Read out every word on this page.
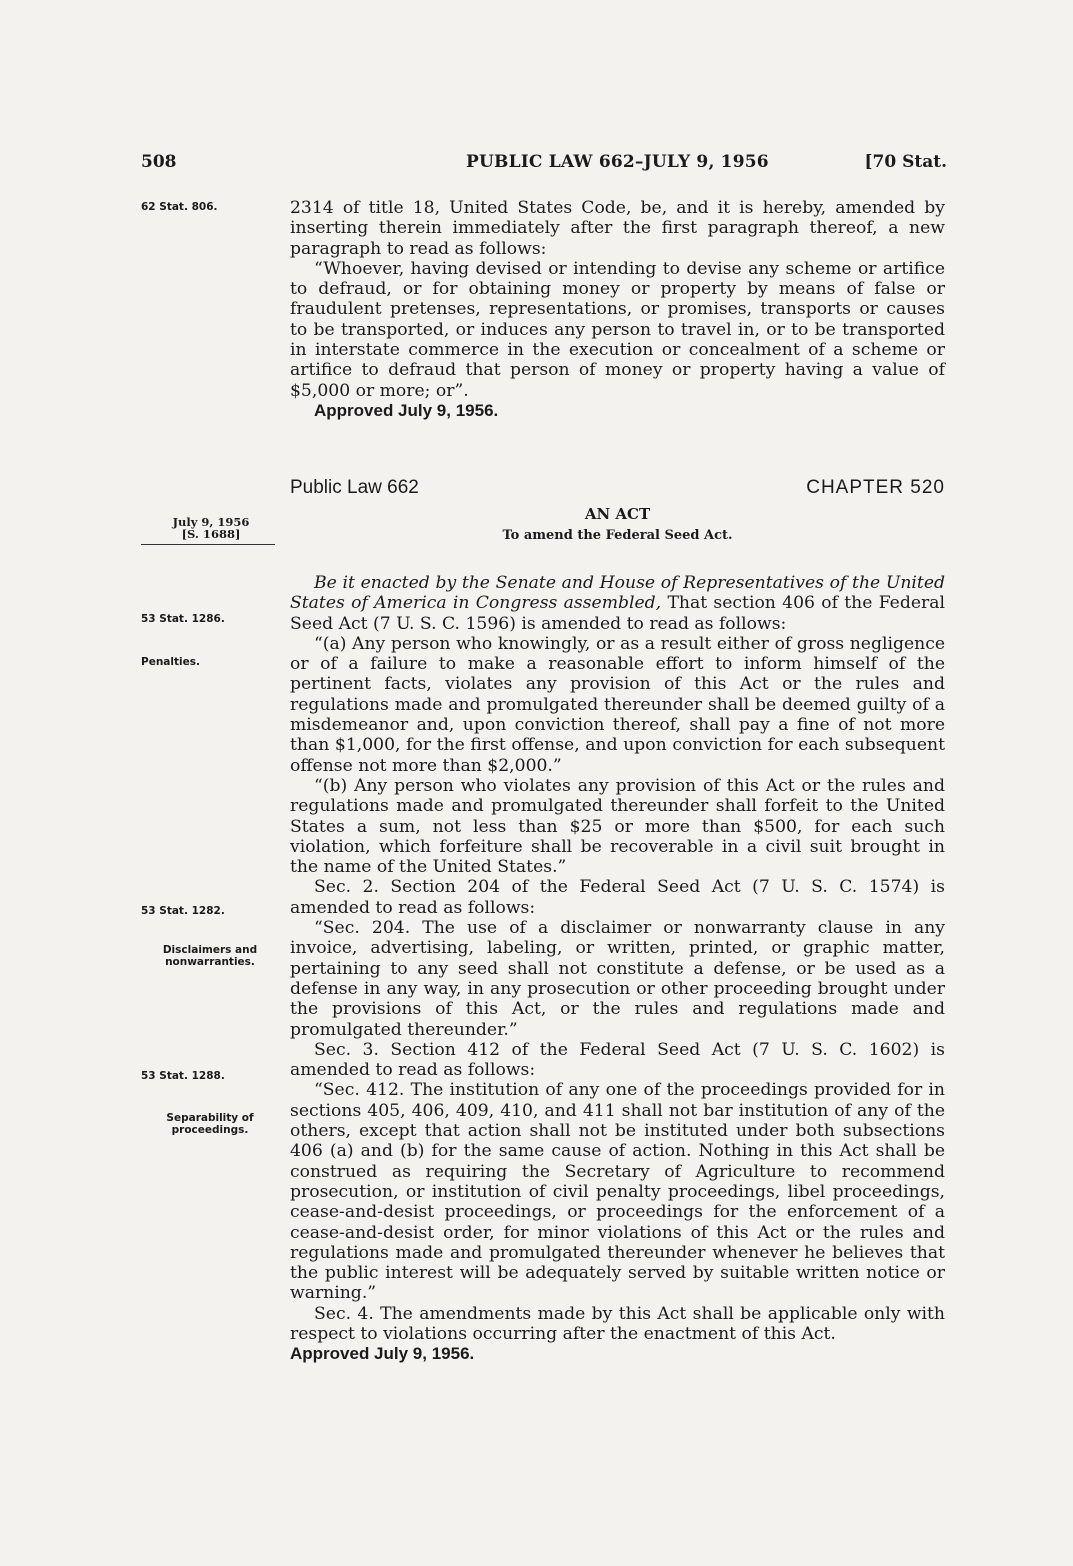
508	PUBLIC LAW 662–JULY 9, 1956	[70 Stat.
62 Stat. 806.
53 Stat. 1286.
Penalties.
53 Stat. 1282.
Disclaimers and
nonwarranties.
53 Stat. 1288.
Separability of
proceedings.
July 9, 1956
[S. 1688]

2314 of title 18, United States Code, be, and it is hereby, amended by inserting therein immediately after the first paragraph thereof, a new paragraph to read as follows:

“Whoever, having devised or intending to devise any scheme or artifice to defraud, or for obtaining money or property by means of false or fraudulent pretenses, representations, or promises, transports or causes to be transported, or induces any person to travel in, or to be transported in interstate commerce in the execution or concealment of a scheme or artifice to defraud that person of money or property having a value of $5,000 or more; or”.

Approved July 9, 1956.

Public Law 662	CHAPTER 520
AN ACT
To amend the Federal Seed Act.

Be it enacted by the Senate and House of Representatives of the United States of America in Congress assembled, That section 406 of the Federal Seed Act (7 U. S. C. 1596) is amended to read as follows:

“(a) Any person who knowingly, or as a result either of gross negligence or of a failure to make a reasonable effort to inform himself of the pertinent facts, violates any provision of this Act or the rules and regulations made and promulgated thereunder shall be deemed guilty of a misdemeanor and, upon conviction thereof, shall pay a fine of not more than $1,000, for the first offense, and upon conviction for each subsequent offense not more than $2,000.”

“(b) Any person who violates any provision of this Act or the rules and regulations made and promulgated thereunder shall forfeit to the United States a sum, not less than $25 or more than $500, for each such violation, which forfeiture shall be recoverable in a civil suit brought in the name of the United States.”

Sec. 2. Section 204 of the Federal Seed Act (7 U. S. C. 1574) is amended to read as follows:

“Sec. 204. The use of a disclaimer or nonwarranty clause in any invoice, advertising, labeling, or written, printed, or graphic matter, pertaining to any seed shall not constitute a defense, or be used as a defense in any way, in any prosecution or other proceeding brought under the provisions of this Act, or the rules and regulations made and promulgated thereunder.”

Sec. 3. Section 412 of the Federal Seed Act (7 U. S. C. 1602) is amended to read as follows:

“Sec. 412. The institution of any one of the proceedings provided for in sections 405, 406, 409, 410, and 411 shall not bar institution of any of the others, except that action shall not be instituted under both subsections 406 (a) and (b) for the same cause of action. Nothing in this Act shall be construed as requiring the Secretary of Agriculture to recommend prosecution, or institution of civil penalty proceedings, libel proceedings, cease-and-desist proceedings, or proceedings for the enforcement of a cease-and-desist order, for minor violations of this Act or the rules and regulations made and promulgated thereunder whenever he believes that the public interest will be adequately served by suitable written notice or warning.”

Sec. 4. The amendments made by this Act shall be applicable only with respect to violations occurring after the enactment of this Act.

Approved July 9, 1956.
